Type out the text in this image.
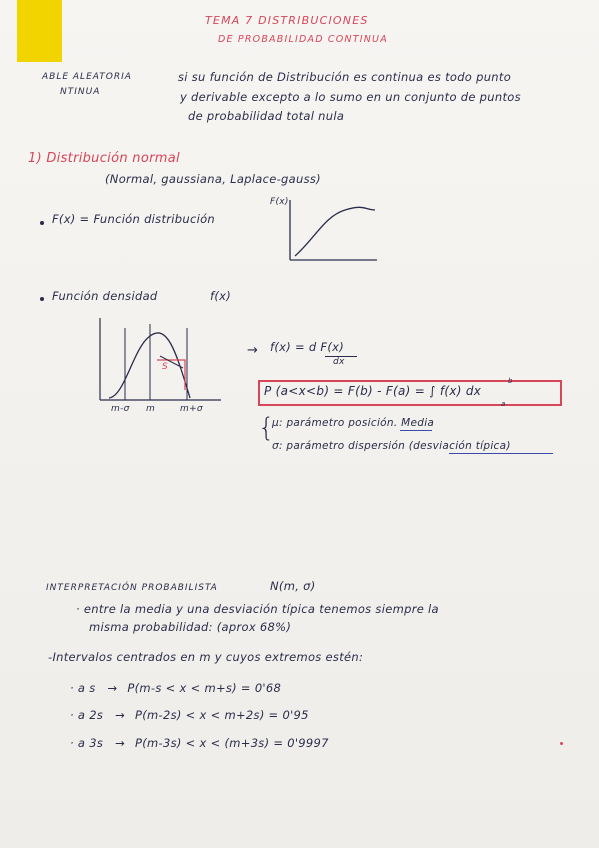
TEMA 7 DISTRIBUCIONES
DE PROBABILIDAD CONTINUA
ABLE ALEATORIA
NTINUA
si su función de Distribución es continua es todo punto
y derivable excepto a lo sumo en un conjunto de puntos
de probabilidad total nula
1) Distribución normal
(Normal, gaussiana, Laplace-gauss)
F(x) = Función distribución
F(x)
Función densidad	f(x)
S
m-σ m	m+σ
→ f(x) = d F(x)
dx
P (a<x<b) = F(b) - F(a) = ∫ f(x) dx
b
a
{
μ: parámetro posición. Media
σ: parámetro dispersión (desviación típica)
INTERPRETACIÓN PROBABILISTA	N(m, σ)
· entre la media y una desviación típica tenemos siempre la
misma probabilidad: (aprox 68%)
-Intervalos centrados en m y cuyos extremos estén:
· a s → P(m-s < x < m+s) = 0'68
· a 2s → P(m-2s) < x < m+2s) = 0'95
· a 3s → P(m-3s) < x < (m+3s) = 0'9997
